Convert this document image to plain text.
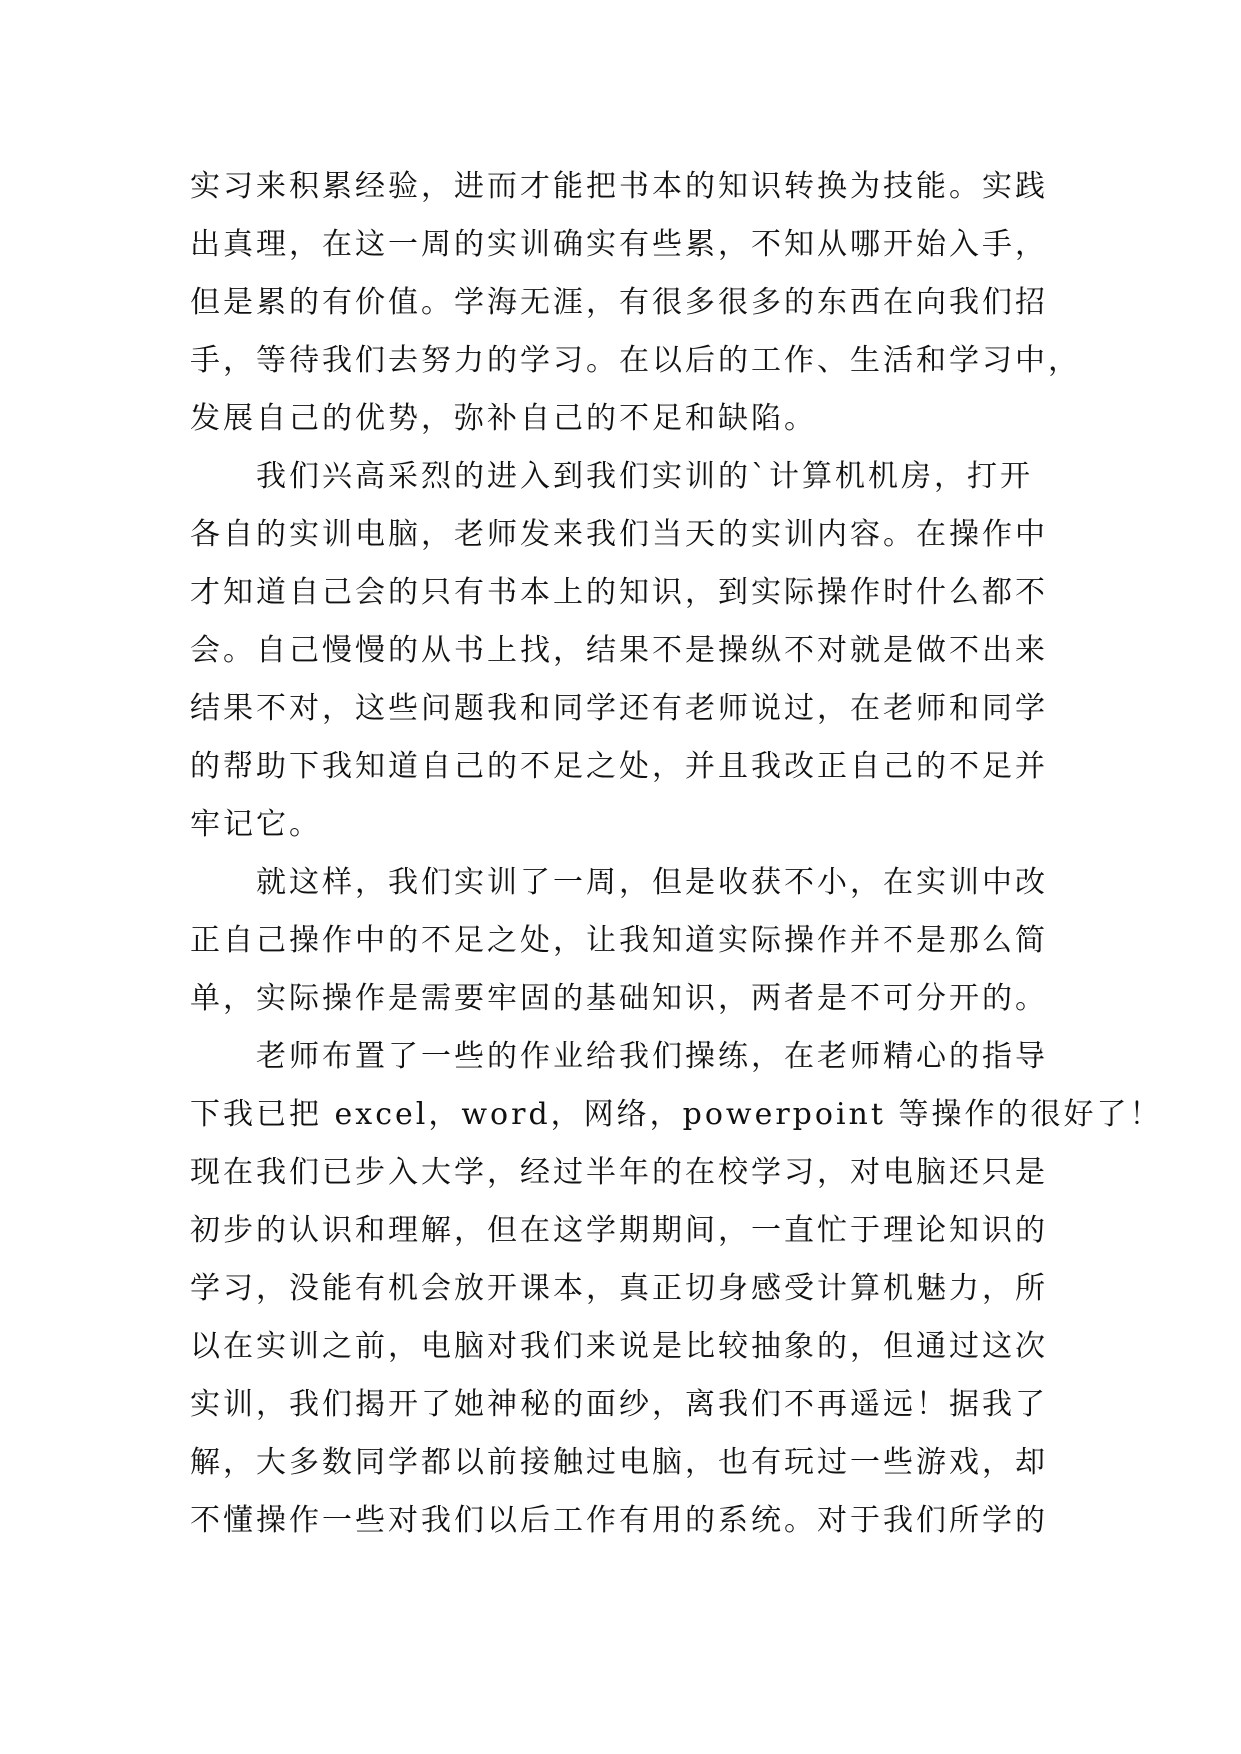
实习来积累经验，进而才能把书本的知识转换为技能。实践
出真理，在这一周的实训确实有些累，不知从哪开始入手，
但是累的有价值。学海无涯，有很多很多的东西在向我们招
手，等待我们去努力的学习。在以后的工作、生活和学习中，
发展自己的优势，弥补自己的不足和缺陷。
我们兴高采烈的进入到我们实训的`计算机机房，打开
各自的实训电脑，老师发来我们当天的实训内容。在操作中
才知道自己会的只有书本上的知识，到实际操作时什么都不
会。自己慢慢的从书上找，结果不是操纵不对就是做不出来
结果不对，这些问题我和同学还有老师说过，在老师和同学
的帮助下我知道自己的不足之处，并且我改正自己的不足并
牢记它。
就这样，我们实训了一周，但是收获不小，在实训中改
正自己操作中的不足之处，让我知道实际操作并不是那么简
单，实际操作是需要牢固的基础知识，两者是不可分开的。
老师布置了一些的作业给我们操练，在老师精心的指导
下我已把 excel，word，网络，powerpoint 等操作的很好了！
现在我们已步入大学，经过半年的在校学习，对电脑还只是
初步的认识和理解，但在这学期期间，一直忙于理论知识的
学习，没能有机会放开课本，真正切身感受计算机魅力，所
以在实训之前，电脑对我们来说是比较抽象的，但通过这次
实训，我们揭开了她神秘的面纱，离我们不再遥远！据我了
解，大多数同学都以前接触过电脑，也有玩过一些游戏，却
不懂操作一些对我们以后工作有用的系统。对于我们所学的
